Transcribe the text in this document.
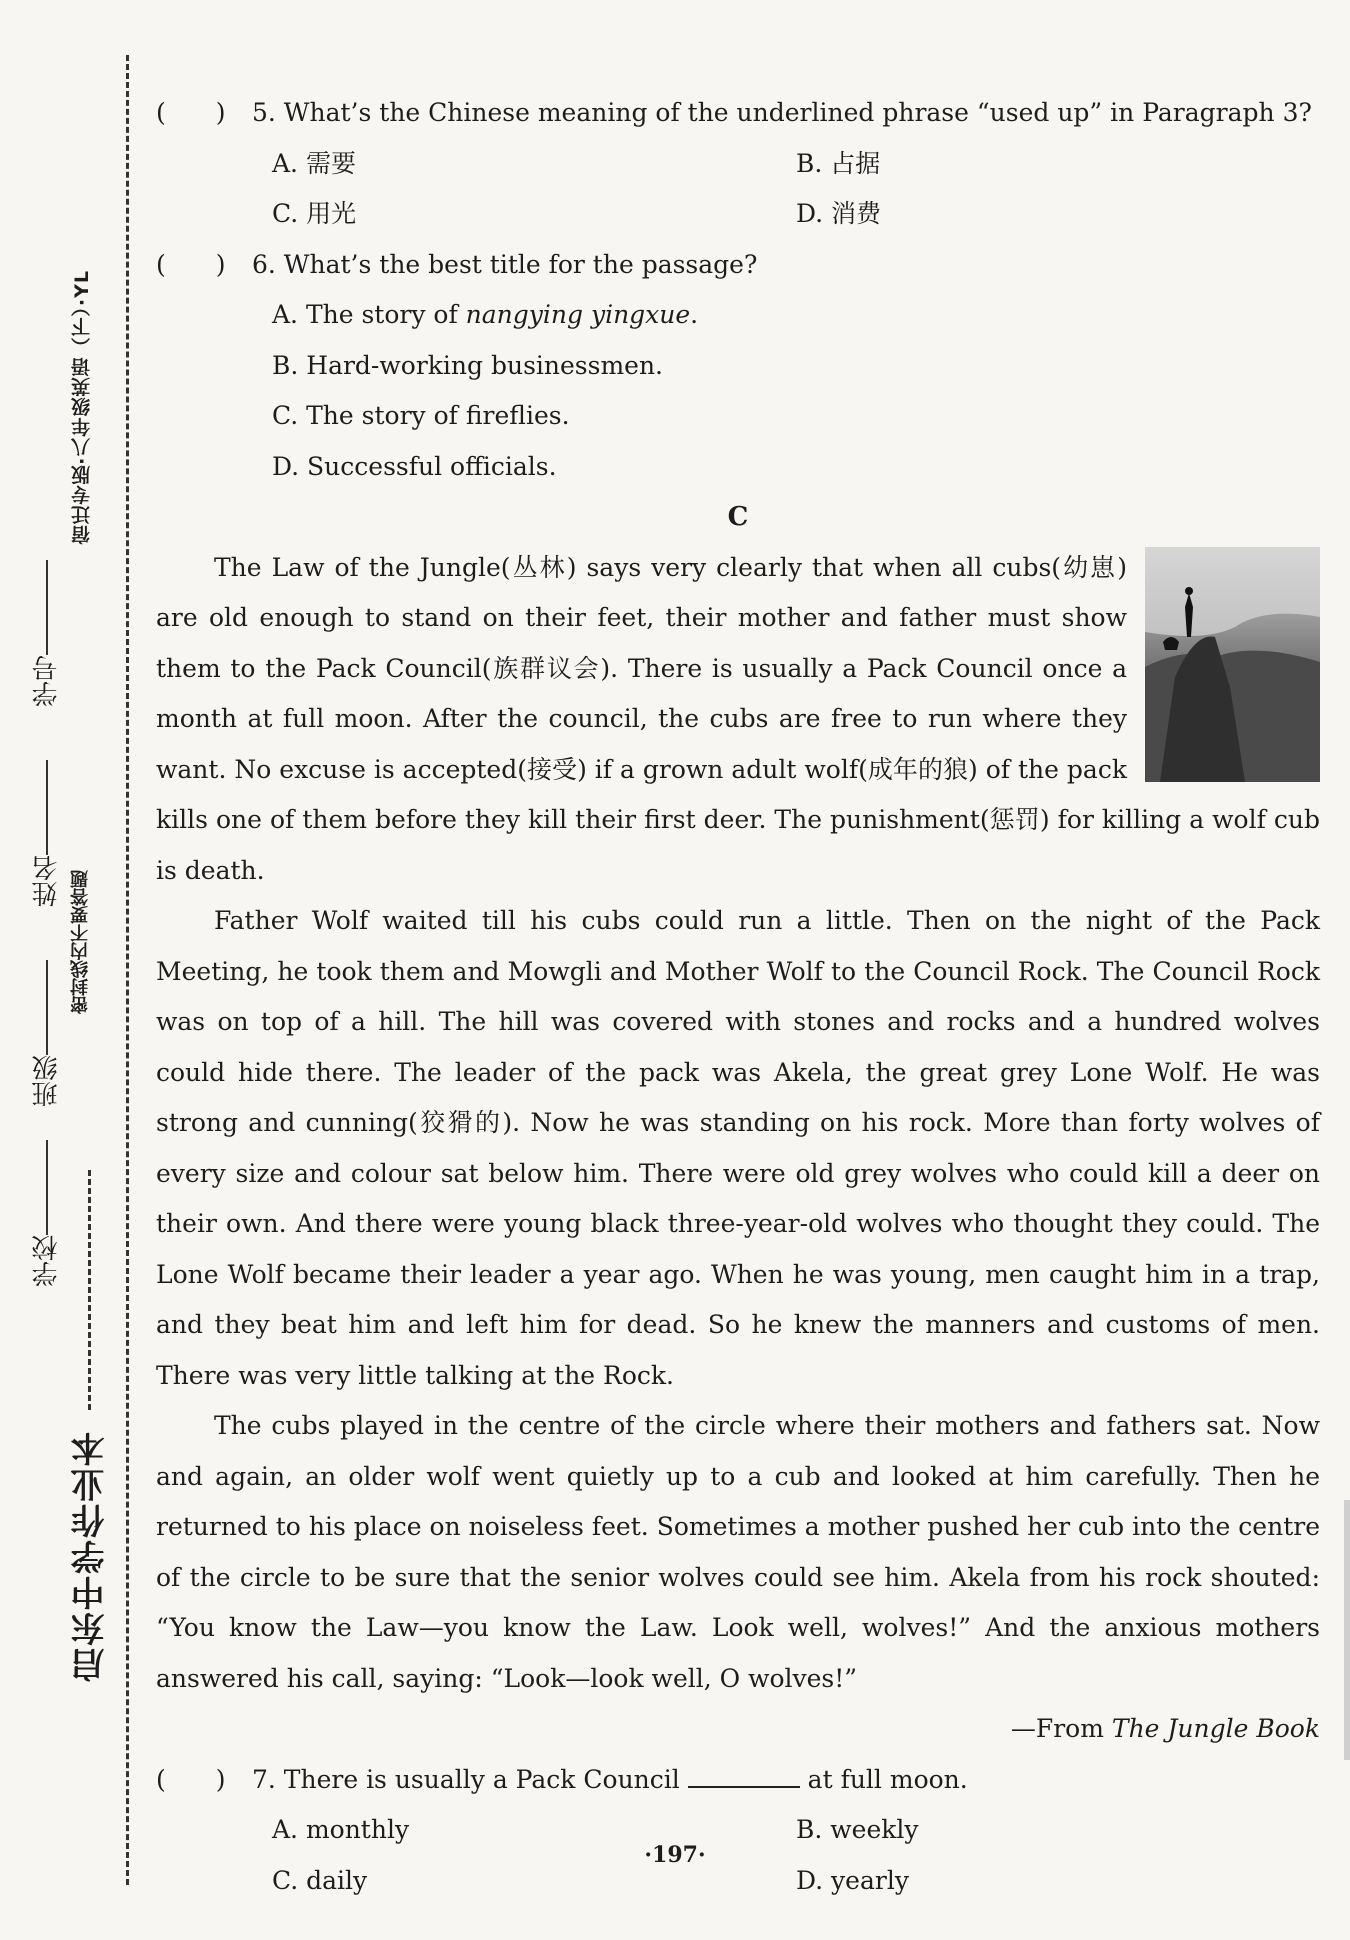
宿迁专版·八年级英语（下）·YL
密封线内不要答题
学号
姓名
班级
学校
启东中学作业本
(　　)	5. What’s the Chinese meaning of the underlined phrase “used up” in Paragraph 3?
A. 需要	B. 占据
C. 用光	D. 消费
(　　)	6. What’s the best title for the passage?
A. The story of nangying yingxue.
B. Hard-working businessmen.
C. The story of fireflies.
D. Successful officials.
C
The Law of the Jungle(丛林) says very clearly that when all cubs(幼崽) are old enough to stand on their feet, their mother and father must show them to the Pack Council(族群议会). There is usually a Pack Council once a month at full moon. After the council, the cubs are free to run where they want. No excuse is accepted(接受) if a grown adult wolf(成年的狼) of the pack kills one of them before they kill their first deer. The punishment(惩罚) for killing a wolf cub is death.
Father Wolf waited till his cubs could run a little. Then on the night of the Pack Meeting, he took them and Mowgli and Mother Wolf to the Council Rock. The Council Rock was on top of a hill. The hill was covered with stones and rocks and a hundred wolves could hide there. The leader of the pack was Akela, the great grey Lone Wolf. He was strong and cunning(狡猾的). Now he was standing on his rock. More than forty wolves of every size and colour sat below him. There were old grey wolves who could kill a deer on their own. And there were young black three-year-old wolves who thought they could. The Lone Wolf became their leader a year ago. When he was young, men caught him in a trap, and they beat him and left him for dead. So he knew the manners and customs of men. There was very little talking at the Rock.
The cubs played in the centre of the circle where their mothers and fathers sat. Now and again, an older wolf went quietly up to a cub and looked at him carefully. Then he returned to his place on noiseless feet. Sometimes a mother pushed her cub into the centre of the circle to be sure that the senior wolves could see him. Akela from his rock shouted: “You know the Law—you know the Law. Look well, wolves!” And the anxious mothers answered his call, saying: “Look—look well, O wolves!”
—From The Jungle Book
(　　)	7. There is usually a Pack Council	at full moon.
A. monthly	B. weekly
C. daily	D. yearly
·197·
